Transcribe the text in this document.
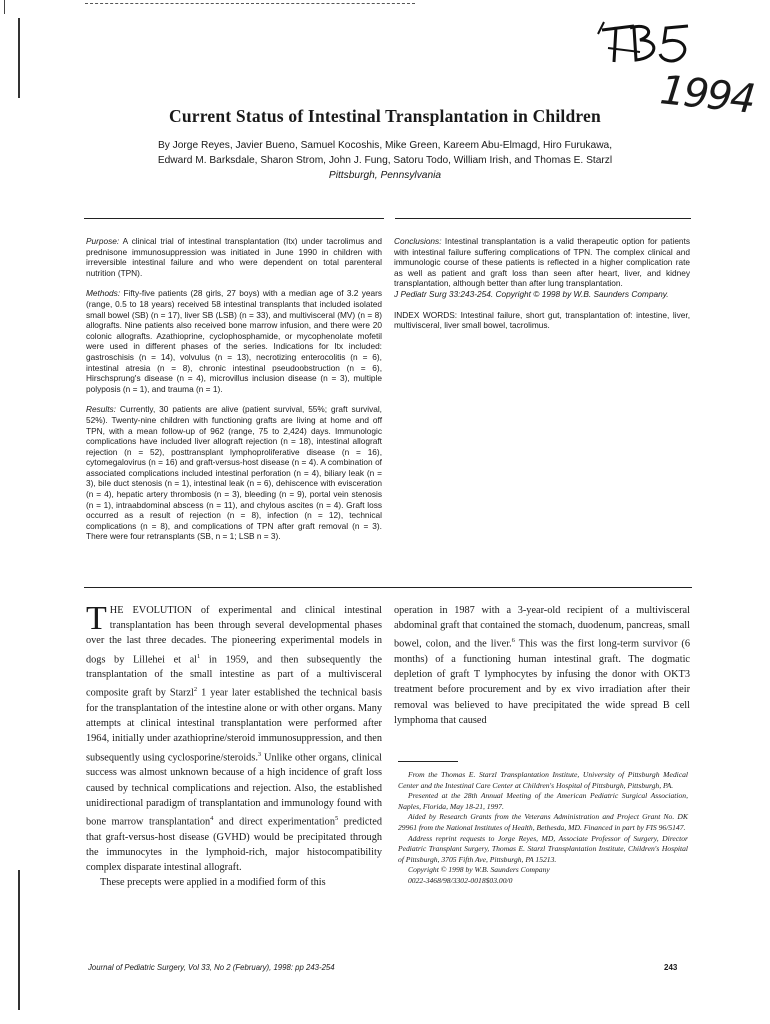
1994
Current Status of Intestinal Transplantation in Children
By Jorge Reyes, Javier Bueno, Samuel Kocoshis, Mike Green, Kareem Abu-Elmagd, Hiro Furukawa,
Edward M. Barksdale, Sharon Strom, John J. Fung, Satoru Todo, William Irish, and Thomas E. Starzl
Pittsburgh, Pennsylvania

Purpose: A clinical trial of intestinal transplantation (Itx) under tacrolimus and prednisone immunosuppression was initiated in June 1990 in children with irreversible intestinal failure and who were dependent on total parenteral nutrition (TPN).

Methods: Fifty-five patients (28 girls, 27 boys) with a median age of 3.2 years (range, 0.5 to 18 years) received 58 intestinal transplants that included isolated small bowel (SB) (n = 17), liver SB (LSB) (n = 33), and multivisceral (MV) (n = 8) allografts. Nine patients also received bone marrow infusion, and there were 20 colonic allografts. Azathioprine, cyclophosphamide, or mycophenolate mofetil were used in different phases of the series. Indications for Itx included: gastroschisis (n = 14), volvulus (n = 13), necrotizing enterocolitis (n = 6), intestinal atresia (n = 8), chronic intestinal pseudoobstruction (n = 6), Hirschsprung's disease (n = 4), microvillus inclusion disease (n = 3), multiple polyposis (n = 1), and trauma (n = 1).

Results: Currently, 30 patients are alive (patient survival, 55%; graft survival, 52%). Twenty-nine children with functioning grafts are living at home and off TPN, with a mean follow-up of 962 (range, 75 to 2,424) days. Immunologic complications have included liver allograft rejection (n = 18), intestinal allograft rejection (n = 52), posttransplant lymphoproliferative disease (n = 16), cytomegalovirus (n = 16) and graft-versus-host disease (n = 4). A combination of associated complications included intestinal perforation (n = 4), biliary leak (n = 3), bile duct stenosis (n = 1), intestinal leak (n = 6), dehiscence with evisceration (n = 4), hepatic artery thrombosis (n = 3), bleeding (n = 9), portal vein stenosis (n = 1), intraabdominal abscess (n = 11), and chylous ascites (n = 4). Graft loss occurred as a result of rejection (n = 8), infection (n = 12), technical complications (n = 8), and complications of TPN after graft removal (n = 3). There were four retransplants (SB, n = 1; LSB n = 3).

Conclusions: Intestinal transplantation is a valid therapeutic option for patients with intestinal failure suffering complications of TPN. The complex clinical and immunologic course of these patients is reflected in a higher complication rate as well as patient and graft loss than seen after heart, liver, and kidney transplantation, although better than after lung transplantation.
J Pediatr Surg 33:243-254. Copyright © 1998 by W.B. Saunders Company.

INDEX WORDS: Intestinal failure, short gut, transplantation of: intestine, liver, multivisceral, liver small bowel, tacrolimus.

THE EVOLUTION of experimental and clinical intestinal transplantation has been through several developmental phases over the last three decades. The pioneering experimental models in dogs by Lillehei et $al^1$ in 1959, and then subsequently the transplantation of the small intestine as part of a multivisceral composite graft by Starzl$^2$ 1 year later established the technical basis for the transplantation of the intestine alone or with other organs. Many attempts at clinical intestinal transplantation were performed after 1964, initially under azathioprine/steroid immunosuppression, and then subsequently using cyclosporine/steroids.$^3$ Unlike other organs, clinical success was almost unknown because of a high incidence of graft loss caused by technical complications and rejection. Also, the established unidirectional paradigm of transplantation and immunology found with bone marrow transplantation$^4$ and direct experimentation$^5$ predicted that graft-versus-host disease (GVHD) would be precipitated through the immunocytes in the lymphoid-rich, major histocompatibility complex disparate intestinal allograft.

These precepts were applied in a modified form of this

operation in 1987 with a 3-year-old recipient of a multivisceral abdominal graft that contained the stomach, duodenum, pancreas, small bowel, colon, and the liver.$^6$ This was the first long-term survivor (6 months) of a functioning human intestinal graft. The dogmatic depletion of graft T lymphocytes by infusing the donor with OKT3 treatment before procurement and by ex vivo irradiation after their removal was believed to have precipitated the wide spread B cell lymphoma that caused

From the Thomas E. Starzl Transplantation Institute, University of Pittsburgh Medical Center and the Intestinal Care Center at Children's Hospital of Pittsburgh, Pittsburgh, PA.

Presented at the 28th Annual Meeting of the American Pediatric Surgical Association, Naples, Florida, May 18-21, 1997.

Aided by Research Grants from the Veterans Administration and Project Grant No. DK 29961 from the National Institutes of Health, Bethesda, MD. Financed in part by FIS 96/5147.

Address reprint requests to Jorge Reyes, MD, Associate Professor of Surgery, Director Pediatric Transplant Surgery, Thomas E. Starzl Transplantation Institute, Children's Hospital of Pittsburgh, 3705 Fifth Ave, Pittsburgh, PA 15213.

Copyright © 1998 by W.B. Saunders Company

0022-3468/98/3302-0018$03.00/0

Journal of Pediatric Surgery, Vol 33, No 2 (February), 1998: pp 243-254	243
